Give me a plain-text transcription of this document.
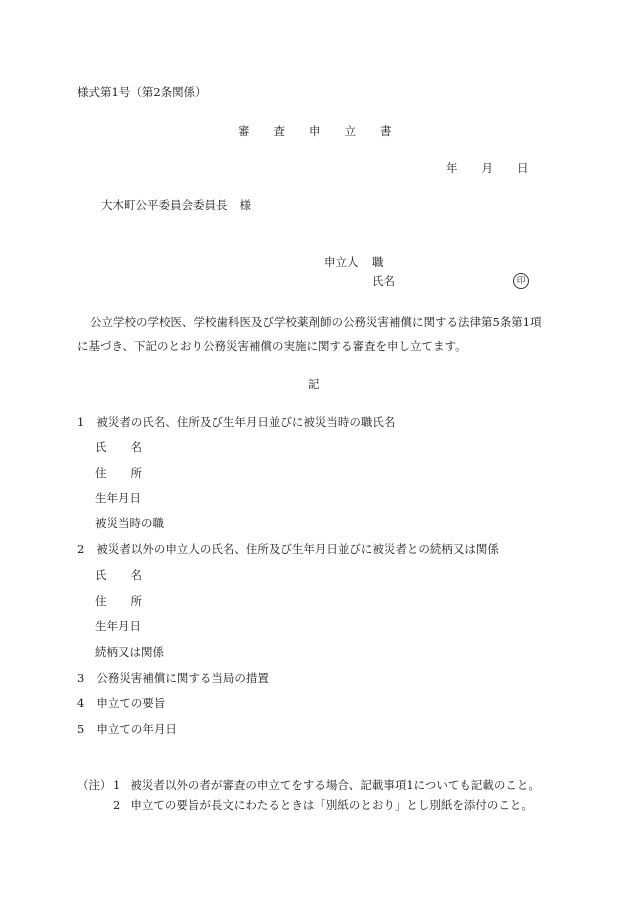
様式第1号（第2条関係）
審 査 申 立 書
年 月 日
大木町公平委員会委員長 様
申立人 職
氏名	印
公立学校の学校医、学校歯科医及び学校薬剤師の公務災害補償に関する法律第5条第1項
に基づき、下記のとおり公務災害補償の実施に関する審査を申し立てます。
記
1 被災者の氏名、住所及び生年月日並びに被災当時の職氏名
氏 名
住 所
生年月日
被災当時の職
2 被災者以外の申立人の氏名、住所及び生年月日並びに被災者との続柄又は関係
氏 名
住 所
生年月日
続柄又は関係
3 公務災害補償に関する当局の措置
4 申立ての要旨
5 申立ての年月日
（注） 1 被災者以外の者が審査の申立てをする場合、記載事項1についても記載のこと。
2 申立ての要旨が長文にわたるときは「別紙のとおり」とし別紙を添付のこと。
